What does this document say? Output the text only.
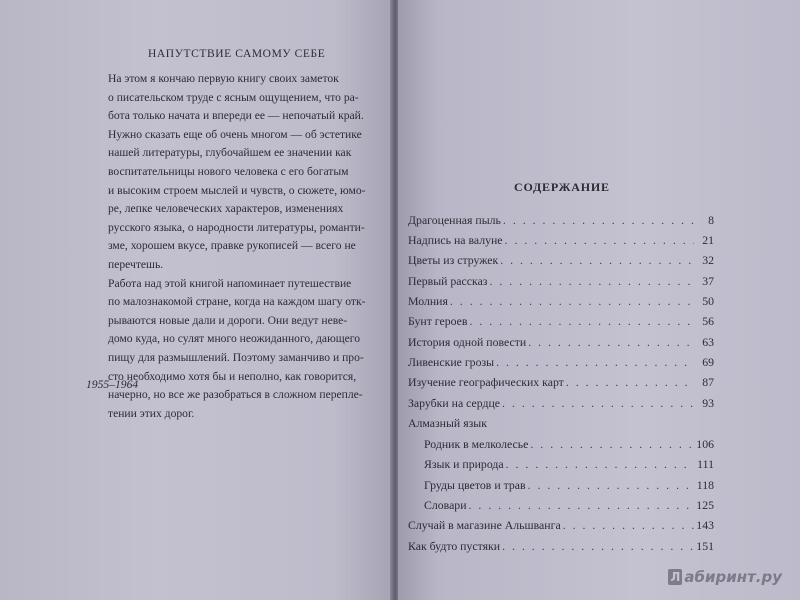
НАПУТСТВИЕ САМОМУ СЕБЕ

На этом я кончаю первую книгу своих заметок
о писательском труде с ясным ощущением, что ра-
бота только начата и впереди ее — непочатый край.
Нужно сказать еще об очень многом — об эстетике
нашей литературы, глубочайшем ее значении как
воспитательницы нового человека с его богатым
и высоким строем мыслей и чувств, о сюжете, юмо-
ре, лепке человеческих характеров, изменениях
русского языка, о народности литературы, романти-
зме, хорошем вкусе, правке рукописей — всего не
перечтешь.

Работа над этой книгой напоминает путешествие
по малознакомой стране, когда на каждом шагу отк-
рываются новые дали и дороги. Они ведут неве-
домо куда, но сулят много неожиданного, дающего
пищу для размышлений. Поэтому заманчиво и про-
сто необходимо хотя бы и неполно, как говорится,
начерно, но все же разобраться в сложном перепле-
тении этих дорог.

1955–1964
СОДЕРЖАНИЕ
Драгоценная пыль . . .	8
Надпись на валуне . . .	21
Цветы из стружек . . .	32
Первый рассказ . . .	37
Молния . . .	50
Бунт героев . . .	56
История одной повести . . .	63
Ливенские грозы . . .	69
Изучение географических карт . . .	87
Зарубки на сердце . . .	93
Алмазный язык
Родник в мелколесье . . .	106
Язык и природа . . .	111
Груды цветов и трав . . .	118
Словари . . .	125
Случай в магазине Альшванга . . .	143
Как будто пустяки . . .	151
Л абиринт.ру
